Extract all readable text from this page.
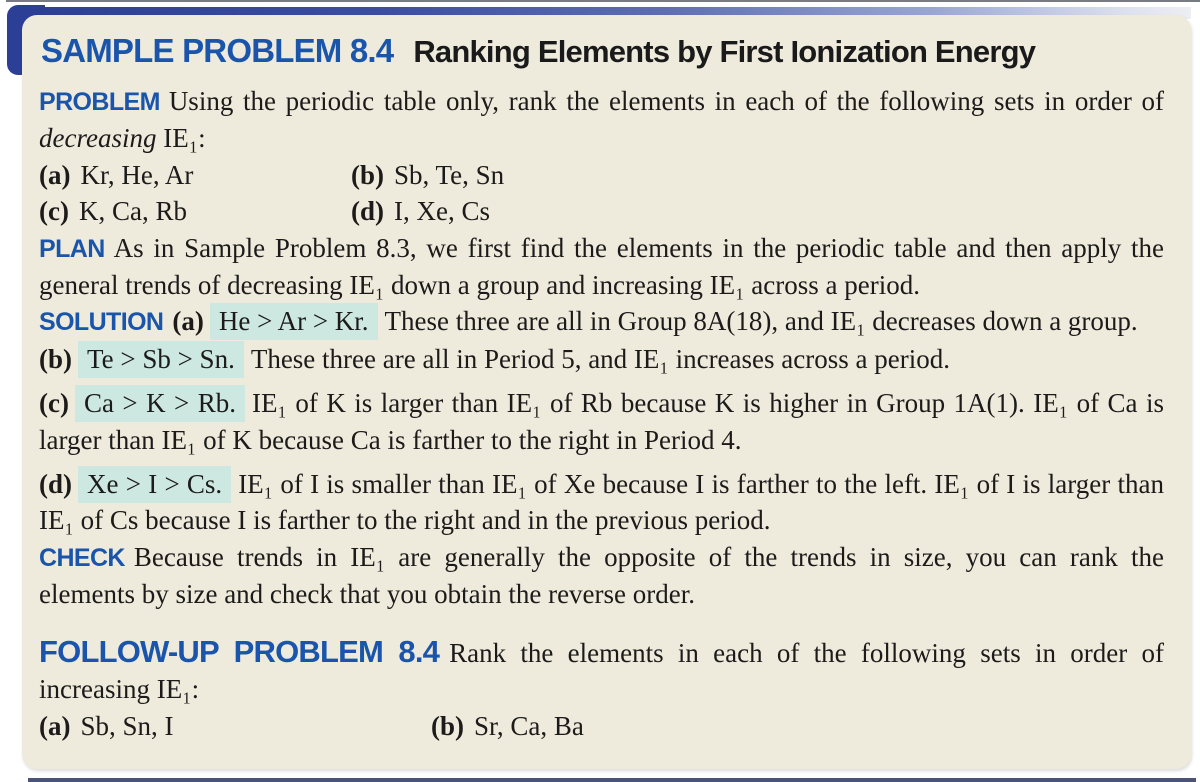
SAMPLE PROBLEM 8.4 Ranking Elements by First Ionization Energy

PROBLEM Using the periodic table only, rank the elements in each of the following sets in order of decreasing IE₁:

(a) Kr, He, Ar	(b) Sb, Te, Sn
(c) K, Ca, Rb	(d) I, Xe, Cs

PLAN As in Sample Problem 8.3, we first find the elements in the periodic table and then apply the general trends of decreasing IE₁ down a group and increasing IE₁ across a period.

SOLUTION (a) He > Ar > Kr. These three are all in Group 8A(18), and IE₁ decreases down a group.

(b) Te > Sb > Sn. These three are all in Period 5, and IE₁ increases across a period.

(c) Ca > K > Rb. IE₁ of K is larger than IE₁ of Rb because K is higher in Group 1A(1). IE₁ of Ca is larger than IE₁ of K because Ca is farther to the right in Period 4.

(d) Xe > I > Cs. IE₁ of I is smaller than IE₁ of Xe because I is farther to the left. IE₁ of I is larger than IE₁ of Cs because I is farther to the right and in the previous period.

CHECK Because trends in IE₁ are generally the opposite of the trends in size, you can rank the elements by size and check that you obtain the reverse order.

FOLLOW-UP PROBLEM 8.4 Rank the elements in each of the following sets in order of increasing IE₁:

(a) Sb, Sn, I	(b) Sr, Ca, Ba
